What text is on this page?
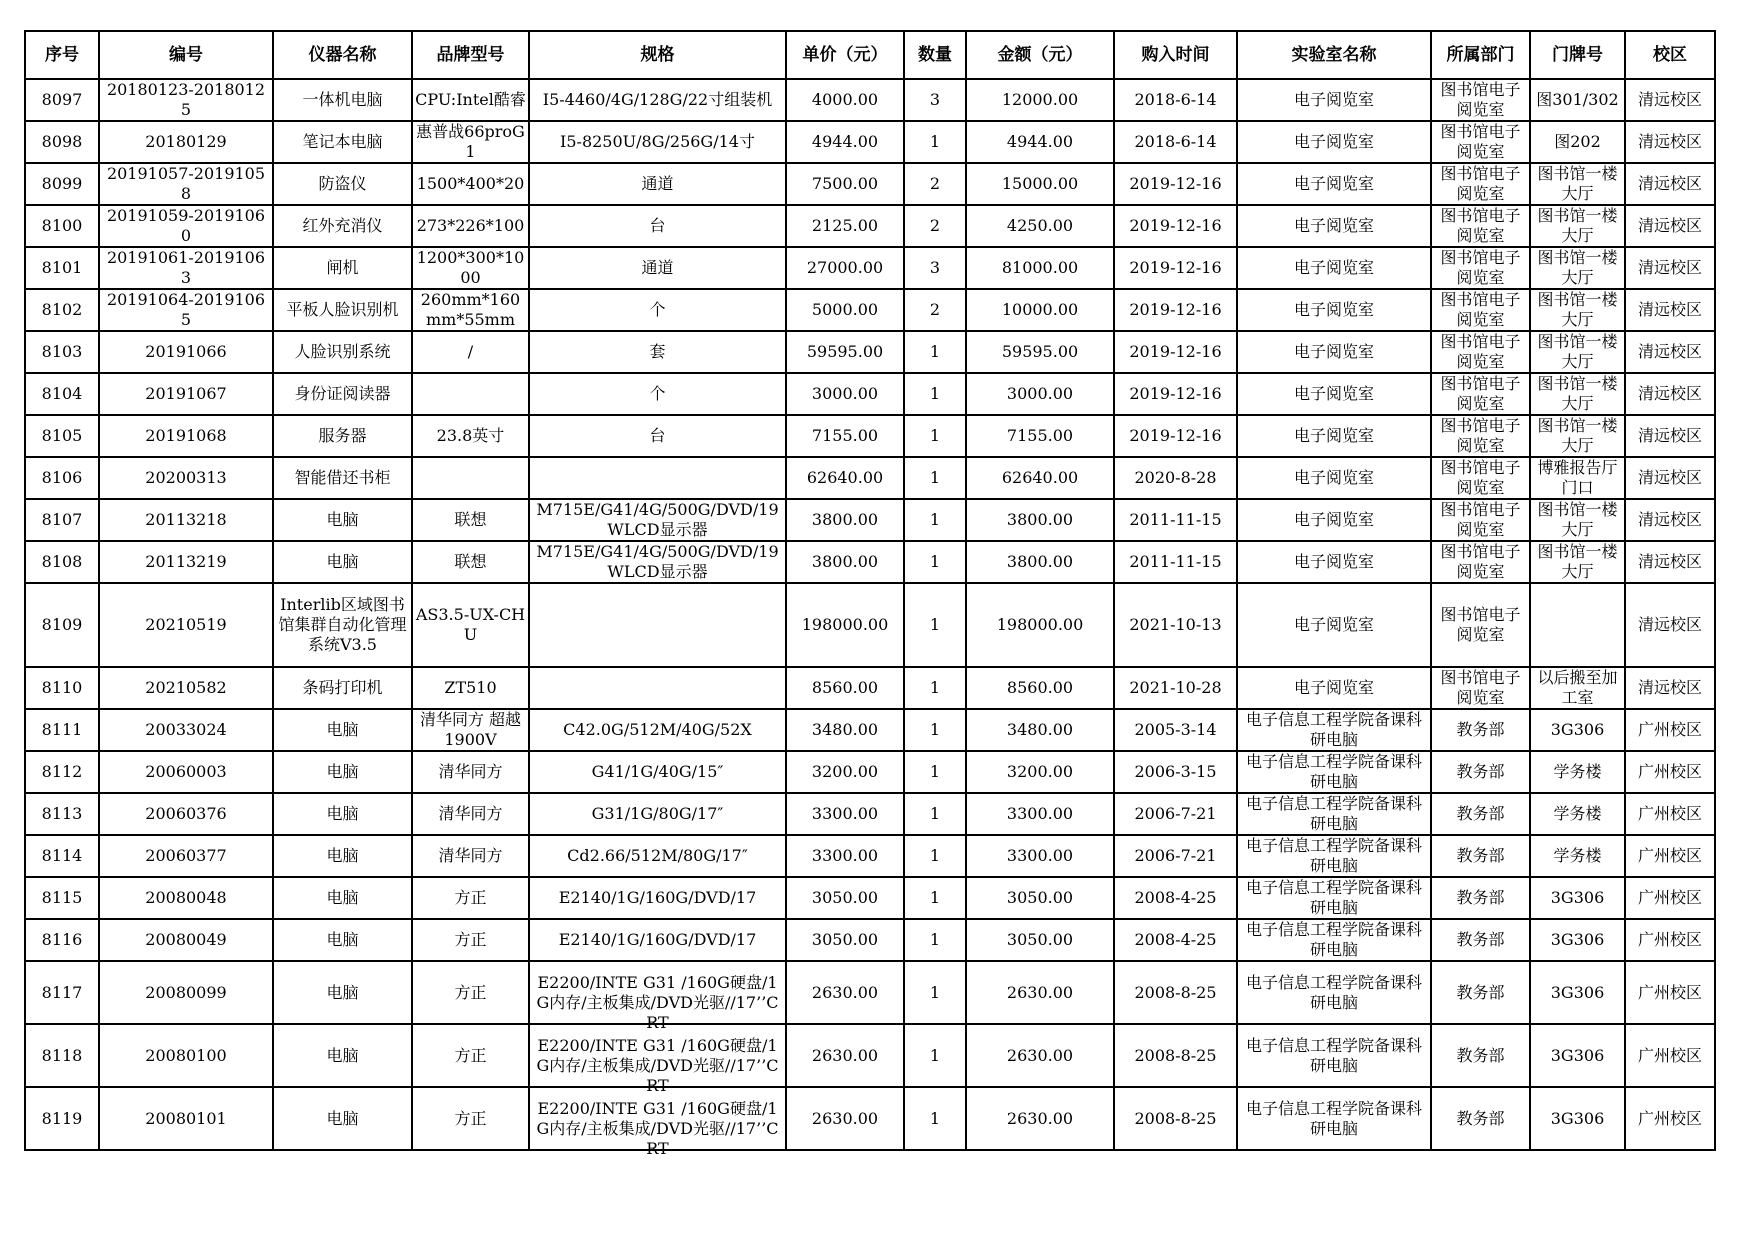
序号	编号	仪器名称	品牌型号	规格	单价（元）	数量	金额（元）	购入时间	实验室名称	所属部门	门牌号	校区

8097	20180123-20180125	一体机电脑	CPU:Intel酷睿	I5-4460/4G/128G/22寸组装机	4000.00	3	12000.00	2018-6-14	电子阅览室	图书馆电子阅览室	图301/302	清远校区

8098	20180129	笔记本电脑	惠普战66proG1	I5-8250U/8G/256G/14寸	4944.00	1	4944.00	2018-6-14	电子阅览室	图书馆电子阅览室	图202	清远校区

8099	20191057-20191058	防盗仪	1500*400*20	通道	7500.00	2	15000.00	2019-12-16	电子阅览室	图书馆电子阅览室	图书馆一楼大厅	清远校区

8100	20191059-20191060	红外充消仪	273*226*100	台	2125.00	2	4250.00	2019-12-16	电子阅览室	图书馆电子阅览室	图书馆一楼大厅	清远校区

8101	20191061-20191063	闸机	1200*300*1000	通道	27000.00	3	81000.00	2019-12-16	电子阅览室	图书馆电子阅览室	图书馆一楼大厅	清远校区

8102	20191064-20191065	平板人脸识别机	260mm*160mm*55mm	个	5000.00	2	10000.00	2019-12-16	电子阅览室	图书馆电子阅览室	图书馆一楼大厅	清远校区

8103	20191066	人脸识别系统	/	套	59595.00	1	59595.00	2019-12-16	电子阅览室	图书馆电子阅览室	图书馆一楼大厅	清远校区

8104	20191067	身份证阅读器		个	3000.00	1	3000.00	2019-12-16	电子阅览室	图书馆电子阅览室	图书馆一楼大厅	清远校区

8105	20191068	服务器	23.8英寸	台	7155.00	1	7155.00	2019-12-16	电子阅览室	图书馆电子阅览室	图书馆一楼大厅	清远校区

8106	20200313	智能借还书柜			62640.00	1	62640.00	2020-8-28	电子阅览室	图书馆电子阅览室	博雅报告厅门口	清远校区

8107	20113218	电脑	联想	M715E/G41/4G/500G/DVD/19WLCD显示器	3800.00	1	3800.00	2011-11-15	电子阅览室	图书馆电子阅览室	图书馆一楼大厅	清远校区

8108	20113219	电脑	联想	M715E/G41/4G/500G/DVD/19WLCD显示器	3800.00	1	3800.00	2011-11-15	电子阅览室	图书馆电子阅览室	图书馆一楼大厅	清远校区

8109	20210519	Interlib区域图书馆集群自动化管理系统V3.5	AS3.5-UX-CHU		198000.00	1	198000.00	2021-10-13	电子阅览室	图书馆电子阅览室		清远校区

8110	20210582	条码打印机	ZT510		8560.00	1	8560.00	2021-10-28	电子阅览室	图书馆电子阅览室	以后搬至加工室	清远校区

8111	20033024	电脑	清华同方 超越1900V	C42.0G/512M/40G/52X	3480.00	1	3480.00	2005-3-14	电子信息工程学院备课科研电脑	教务部	3G306	广州校区

8112	20060003	电脑	清华同方	G41/1G/40G/15″	3200.00	1	3200.00	2006-3-15	电子信息工程学院备课科研电脑	教务部	学务楼	广州校区

8113	20060376	电脑	清华同方	G31/1G/80G/17″	3300.00	1	3300.00	2006-7-21	电子信息工程学院备课科研电脑	教务部	学务楼	广州校区

8114	20060377	电脑	清华同方	Cd2.66/512M/80G/17″	3300.00	1	3300.00	2006-7-21	电子信息工程学院备课科研电脑	教务部	学务楼	广州校区

8115	20080048	电脑	方正	E2140/1G/160G/DVD/17	3050.00	1	3050.00	2008-4-25	电子信息工程学院备课科研电脑	教务部	3G306	广州校区

8116	20080049	电脑	方正	E2140/1G/160G/DVD/17	3050.00	1	3050.00	2008-4-25	电子信息工程学院备课科研电脑	教务部	3G306	广州校区

8117	20080099	电脑	方正	E2200/INTE G31 /160G硬盘/1G内存/主板集成/DVD光驱//17’’CRT	2630.00	1	2630.00	2008-8-25	电子信息工程学院备课科研电脑	教务部	3G306	广州校区

8118	20080100	电脑	方正	E2200/INTE G31 /160G硬盘/1G内存/主板集成/DVD光驱//17’’CRT	2630.00	1	2630.00	2008-8-25	电子信息工程学院备课科研电脑	教务部	3G306	广州校区

8119	20080101	电脑	方正	E2200/INTE G31 /160G硬盘/1G内存/主板集成/DVD光驱//17’’CRT	2630.00	1	2630.00	2008-8-25	电子信息工程学院备课科研电脑	教务部	3G306	广州校区
